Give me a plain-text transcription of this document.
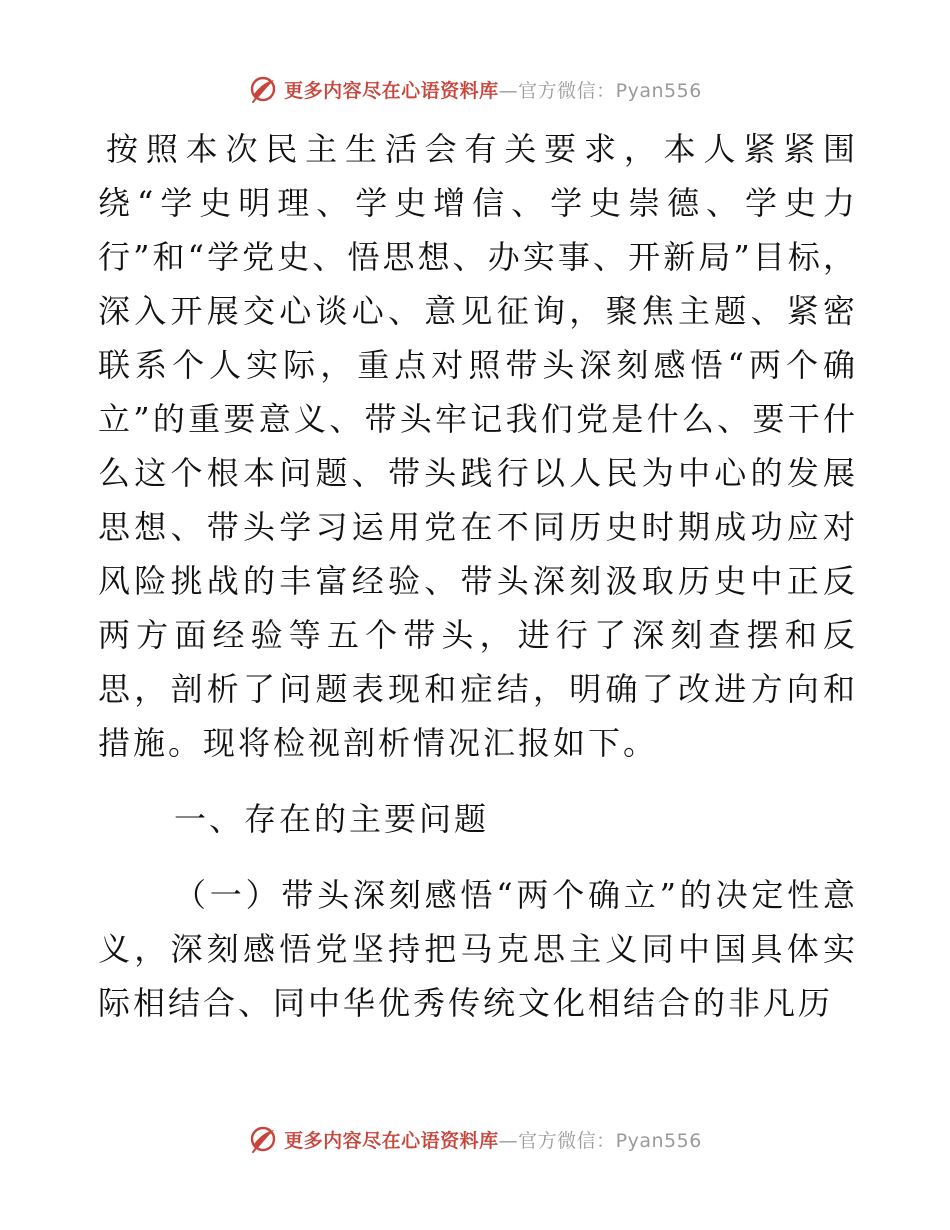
更多内容尽在心语资料库 —官方微信：Pyan556

按照本次民主生活会有关要求，本人紧紧围绕“学史明理、学史增信、学史崇德、学史力行”和“学党史、悟思想、办实事、开新局”目标，深入开展交心谈心、意见征询，聚焦主题、紧密联系个人实际，重点对照带头深刻感悟“两个确立”的重要意义、带头牢记我们党是什么、要干什么这个根本问题、带头践行以人民为中心的发展思想、带头学习运用党在不同历史时期成功应对风险挑战的丰富经验、带头深刻汲取历史中正反两方面经验等五个带头，进行了深刻查摆和反思，剖析了问题表现和症结，明确了改进方向和措施。现将检视剖析情况汇报如下。

一、存在的主要问题

（一）带头深刻感悟“两个确立”的决定性意义，深刻感悟党坚持把马克思主义同中国具体实际相结合、同中华优秀传统文化相结合的非凡历

更多内容尽在心语资料库 —官方微信：Pyan556
